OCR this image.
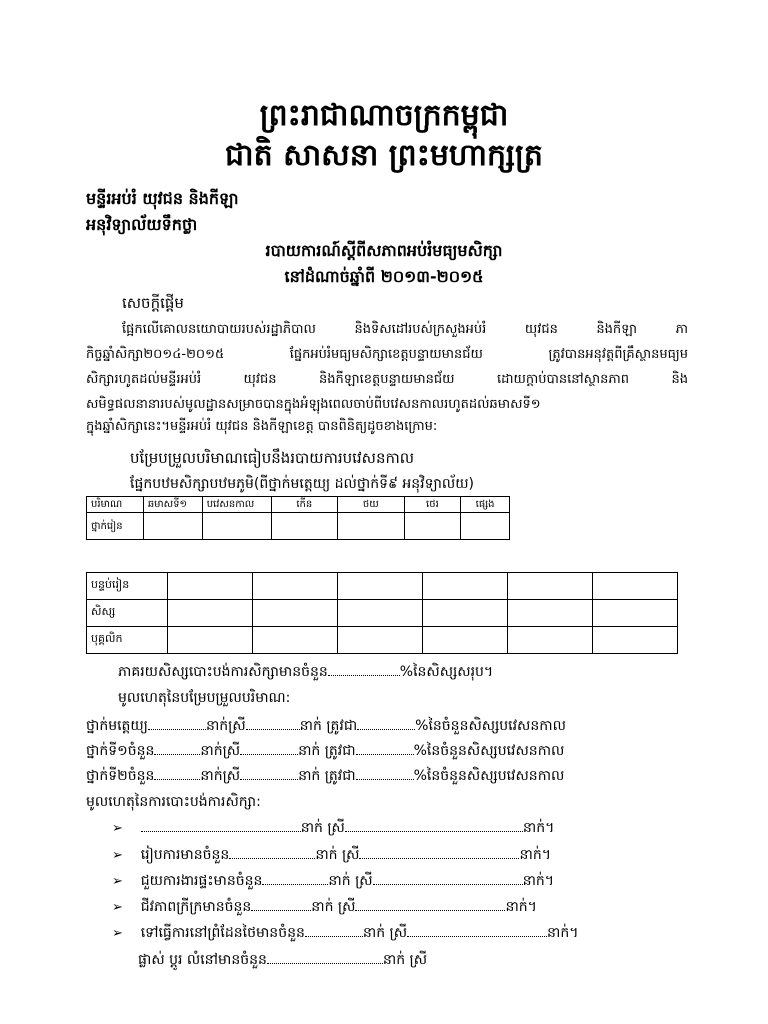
ព្រះរាជាណាចក្រកម្ពុជា
ជាតិ សាសនា ព្រះមហាក្សត្រ
មន្ទីរអប់រំ យុវជន និងកីឡា
អនុវិទ្យាល័យទឹកថ្លា
របាយការណ៍ស្តីពីសភាពអប់រំមធ្យមសិក្សា
នៅដំណាច់ឆ្នាំពី ២០១៣-២០១៥
សេចក្តីផ្តើម
ផ្អែកលើគោលនយោបាយរបស់រដ្ឋាភិបាល និងទិសដៅរបស់ក្រសួងអប់រំ យុវជន និងកីឡា ភា
កិច្ចឆ្នាំសិក្សា២០១៤-២០១៥ ផ្នែកអប់រំមធ្យមសិក្សាខេត្តបន្ទាយមានជ័យ ត្រូវបានអនុវត្តពីគ្រឹស្ថានមធ្យម
សិក្សារហូតដល់មន្ទីរអប់រំ យុវជន និងកីឡាខេត្តបន្ទាយមានជ័យ ដោយក្តាប់បាននៅស្ថានភាព និង
សមិទ្ធផលនានារបស់មូលដ្ឋានសម្រាចបានក្នុងអំឡុងពេលចាប់ពីបវេសនកាលរហូតដល់ឆមាសទី១
ក្នុងឆ្នាំសិក្សានេះ។មន្ទីរអប់រំ យុវជន និងកីឡាខេត្ត បានពិនិត្យដូចខាងក្រោម:
បម្រែបម្រួលបរិមាណធៀបនឹងរបាយការបវេសនកាល
ផ្នែកបឋមសិក្សាបឋមភូមិ(ពីថ្នាក់មត្តេយ្យ ដល់ថ្នាក់ទី៩ អនុវិទ្យាល័យ)
បរិមាណ	ឆមាសទី១	បវេសនកាល	កើន	ថយ	ថេរ	ផ្សេង
ថ្នាក់រៀន						
បន្ទប់រៀន						
សិស្ស						
បុគ្គលិក						
ភាគរយសិស្សបោះបង់ការសិក្សាមានចំនួន	%នៃសិស្សសរុប។
មូលហេតុនៃបម្រែបម្រួលបរិមាណ:
ថ្នាក់មត្តេយ្យ	នាក់ស្រី	នាក់ ត្រូវជា	%នៃចំនួនសិស្សបវេសនកាល
ថ្នាក់ទី១ចំនួន	នាក់ស្រី	នាក់ ត្រូវជា	%នៃចំនួនសិស្សបវេសនកាល
ថ្នាក់ទី២ចំនួន	នាក់ស្រី	នាក់ ត្រូវជា	%នៃចំនួនសិស្សបវេសនកាល
មូលហេតុនៃការបោះបង់ការសិក្សា:
➢	នាក់ ស្រី	នាក់។
➢ រៀបការមានចំនួន	នាក់ ស្រី	នាក់។
➢ ជួយការងារផ្ទះមានចំនួន	នាក់ ស្រី	នាក់។
➢ ជីវភាពក្រីក្រមានចំនួន	នាក់ ស្រី	នាក់។
➢ ទៅធ្វើការនៅព្រំដែនថៃមានចំនួន	នាក់ ស្រី	នាក់។
ផ្លាស់ ប្តូរ លំនៅមានចំនួន	នាក់ ស្រី
